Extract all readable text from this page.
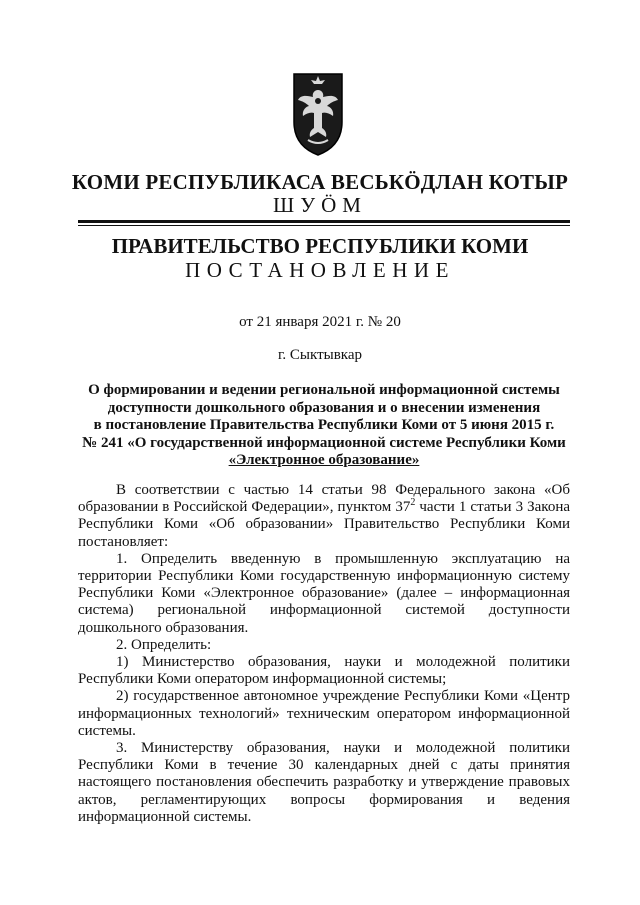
КОМИ РЕСПУБЛИКАСА ВЕСЬКӦДЛАН КОТЫР
ШУӦМ
ПРАВИТЕЛЬСТВО РЕСПУБЛИКИ КОМИ
ПОСТАНОВЛЕНИЕ
от 21 января 2021 г. № 20
г. Сыктывкар
О формировании и ведении региональной информационной системы
доступности дошкольного образования и о внесении изменения
в постановление Правительства Республики Коми от 5 июня 2015 г.
№ 241 «О государственной информационной системе Республики Коми
«Электронное образование»

В соответствии с частью 14 статьи 98 Федерального закона «Об образовании в Российской Федерации», пунктом $37^2$ части 1 статьи 3 Закона Республики Коми «Об образовании» Правительство Республики Коми постановляет:

1. Определить введенную в промышленную эксплуатацию на территории Республики Коми государственную информационную систему Республики Коми «Электронное образование» (далее – информационная система) региональной информационной системой доступности дошкольного образования.

2. Определить:

1) Министерство образования, науки и молодежной политики Республики Коми оператором информационной системы;

2) государственное автономное учреждение Республики Коми «Центр информационных технологий» техническим оператором информационной системы.

3. Министерству образования, науки и молодежной политики Республики Коми в течение 30 календарных дней с даты принятия настоящего постановления обеспечить разработку и утверждение правовых актов, регламентирующих вопросы формирования и ведения информационной системы.
